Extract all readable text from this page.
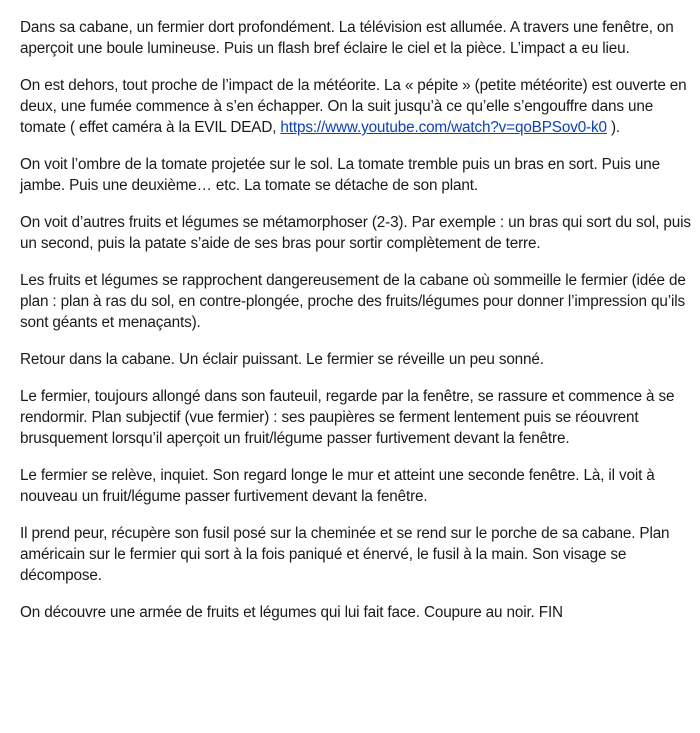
Dans sa cabane, un fermier dort profondément. La télévision est allumée. A travers une fenêtre, on aperçoit une boule lumineuse. Puis un flash bref éclaire le ciel et la pièce. L’impact a eu lieu.

On est dehors, tout proche de l’impact de la météorite. La « pépite » (petite météorite) est ouverte en deux, une fumée commence à s’en échapper. On la suit jusqu’à ce qu’elle s’engouffre dans une tomate ( effet caméra à la EVIL DEAD, https://www.youtube.com/watch?v=qoBPSov0-k0 ).

On voit l’ombre de la tomate projetée sur le sol. La tomate tremble puis un bras en sort. Puis une jambe. Puis une deuxième… etc. La tomate se détache de son plant.

On voit d’autres fruits et légumes se métamorphoser (2-3). Par exemple : un bras qui sort du sol, puis un second, puis la patate s’aide de ses bras pour sortir complètement de terre.

Les fruits et légumes se rapprochent dangereusement de la cabane où sommeille le fermier (idée de plan : plan à ras du sol, en contre-plongée, proche des fruits/légumes pour donner l’impression qu’ils sont géants et menaçants).

Retour dans la cabane. Un éclair puissant. Le fermier se réveille un peu sonné.

Le fermier, toujours allongé dans son fauteuil, regarde par la fenêtre, se rassure et commence à se rendormir. Plan subjectif (vue fermier) : ses paupières se ferment lentement puis se réouvrent brusquement lorsqu’il aperçoit un fruit/légume passer furtivement devant la fenêtre.

Le fermier se relève, inquiet. Son regard longe le mur et atteint une seconde fenêtre. Là, il voit à nouveau un fruit/légume passer furtivement devant la fenêtre.

Il prend peur, récupère son fusil posé sur la cheminée et se rend sur le porche de sa cabane. Plan américain sur le fermier qui sort à la fois paniqué et énervé, le fusil à la main. Son visage se décompose.

On découvre une armée de fruits et légumes qui lui fait face. Coupure au noir. FIN
